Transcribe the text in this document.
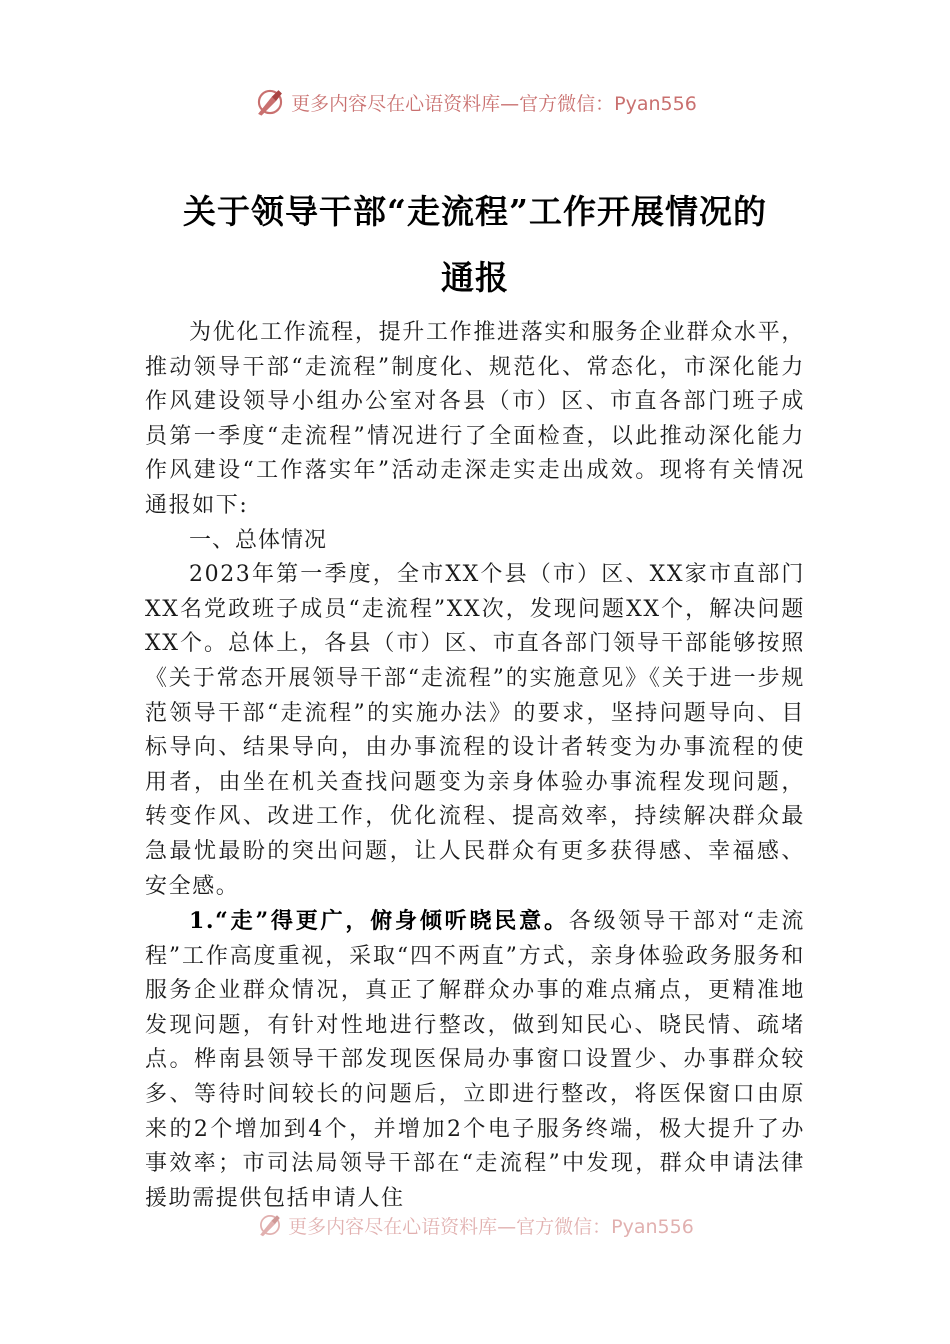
更多内容尽在心语资料库—官方微信：Pyan556
关于领导干部“走流程”工作开展情况的
通报

为优化工作流程，提升工作推进落实和服务企业群众水平，推动领导干部“走流程”制度化、规范化、常态化，市深化能力作风建设领导小组办公室对各县（市）区、市直各部门班子成员第一季度“走流程”情况进行了全面检查，以此推动深化能力作风建设“工作落实年”活动走深走实走出成效。现将有关情况通报如下:

一、总体情况

2023年第一季度，全市XX个县（市）区、XX家市直部门XX名党政班子成员“走流程”XX次，发现问题XX个，解决问题XX个。总体上，各县（市）区、市直各部门领导干部能够按照《关于常态开展领导干部“走流程”的实施意见》《关于进一步规范领导干部“走流程”的实施办法》的要求，坚持问题导向、目标导向、结果导向，由办事流程的设计者转变为办事流程的使用者，由坐在机关查找问题变为亲身体验办事流程发现问题，转变作风、改进工作，优化流程、提高效率，持续解决群众最急最忧最盼的突出问题，让人民群众有更多获得感、幸福感、安全感。

1.“走”得更广，俯身倾听晓民意。各级领导干部对“走流程”工作高度重视，采取“四不两直”方式，亲身体验政务服务和服务企业群众情况，真正了解群众办事的难点痛点，更精准地发现问题，有针对性地进行整改，做到知民心、晓民情、疏堵点。桦南县领导干部发现医保局办事窗口设置少、办事群众较多、等待时间较长的问题后，立即进行整改，将医保窗口由原来的2个增加到4个，并增加2个电子服务终端，极大提升了办事效率；市司法局领导干部在“走流程”中发现，群众申请法律援助需提供包括申请人住

更多内容尽在心语资料库—官方微信：Pyan556
